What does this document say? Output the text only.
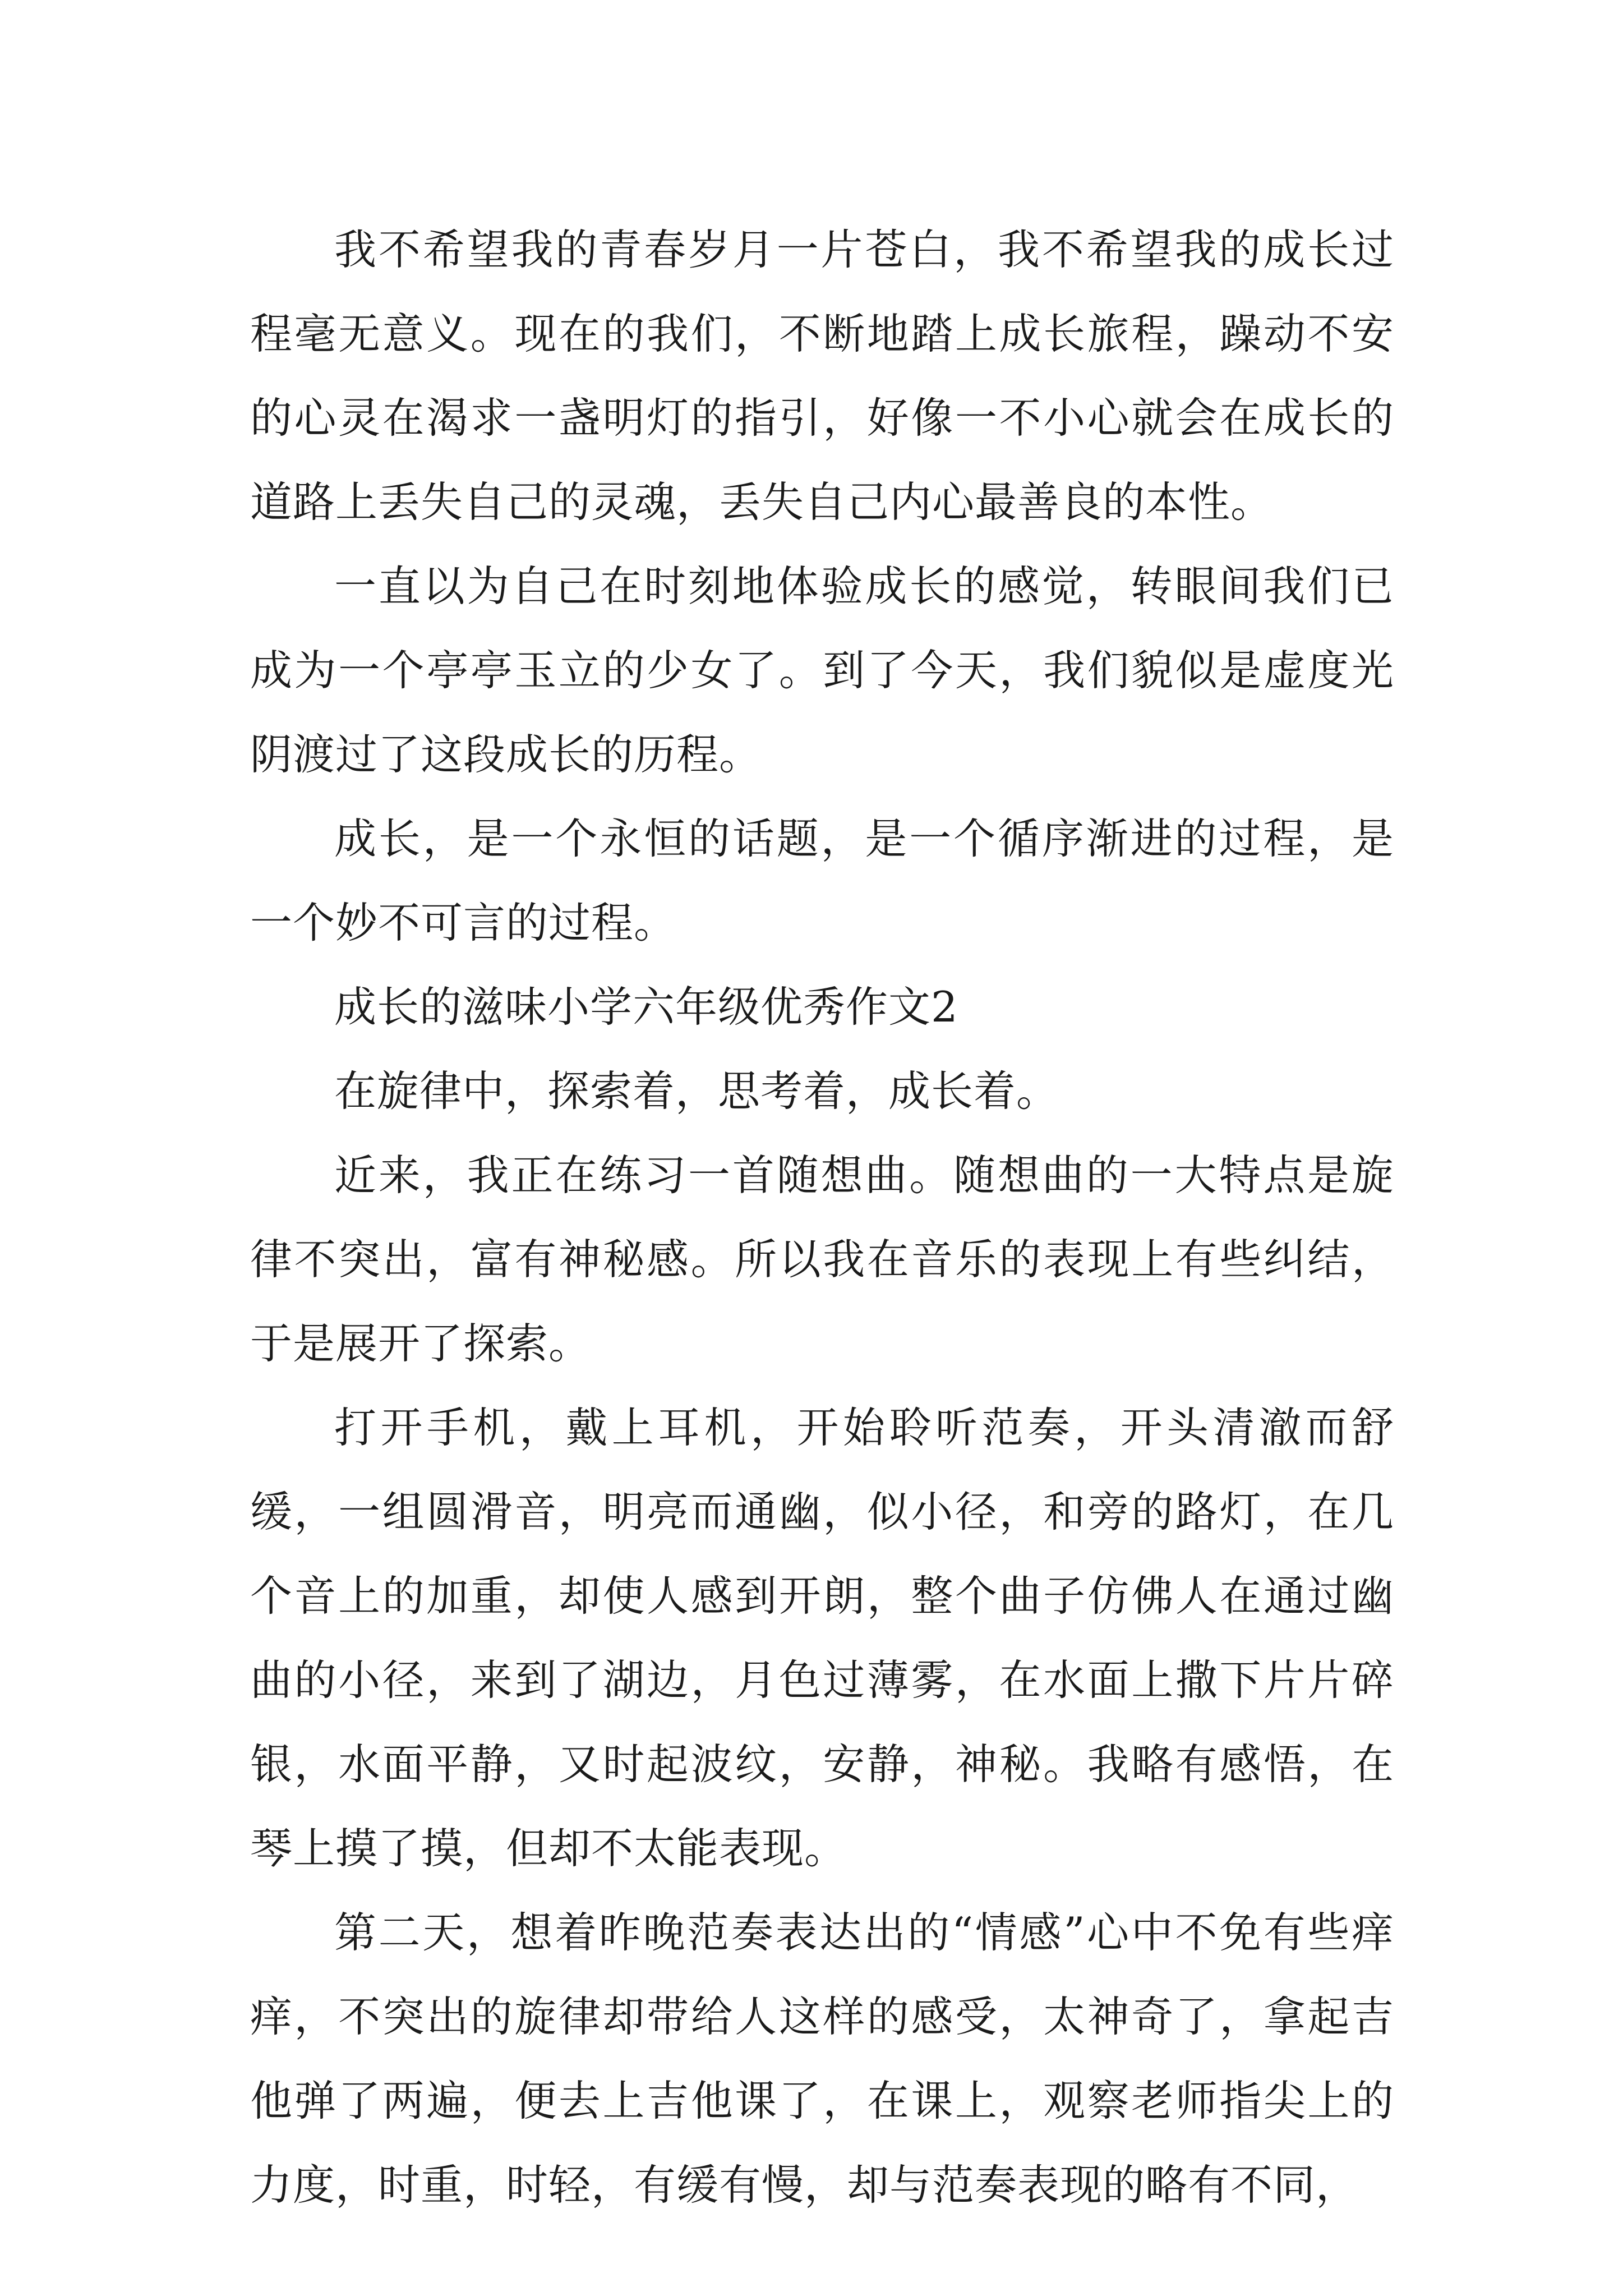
我不希望我的青春岁月一片苍白，我不希望我的成长过程毫无意义。现在的我们，不断地踏上成长旅程，躁动不安的心灵在渴求一盏明灯的指引，好像一不小心就会在成长的道路上丢失自己的灵魂，丢失自己内心最善良的本性。

一直以为自己在时刻地体验成长的感觉，转眼间我们已成为一个亭亭玉立的少女了。到了今天，我们貌似是虚度光阴渡过了这段成长的历程。

成长，是一个永恒的话题，是一个循序渐进的过程，是一个妙不可言的过程。

成长的滋味小学六年级优秀作文2

在旋律中，探索着，思考着，成长着。

近来，我正在练习一首随想曲。随想曲的一大特点是旋律不突出，富有神秘感。所以我在音乐的表现上有些纠结，于是展开了探索。

打开手机，戴上耳机，开始聆听范奏，开头清澈而舒缓，一组圆滑音，明亮而通幽，似小径，和旁的路灯，在几个音上的加重，却使人感到开朗，整个曲子仿佛人在通过幽曲的小径，来到了湖边，月色过薄雾，在水面上撒下片片碎银，水面平静，又时起波纹，安静，神秘。我略有感悟，在琴上摸了摸，但却不太能表现。

第二天，想着昨晚范奏表达出的“情感”心中不免有些痒痒，不突出的旋律却带给人这样的感受，太神奇了，拿起吉他弹了两遍，便去上吉他课了，在课上，观察老师指尖上的力度，时重，时轻，有缓有慢，却与范奏表现的略有不同，
